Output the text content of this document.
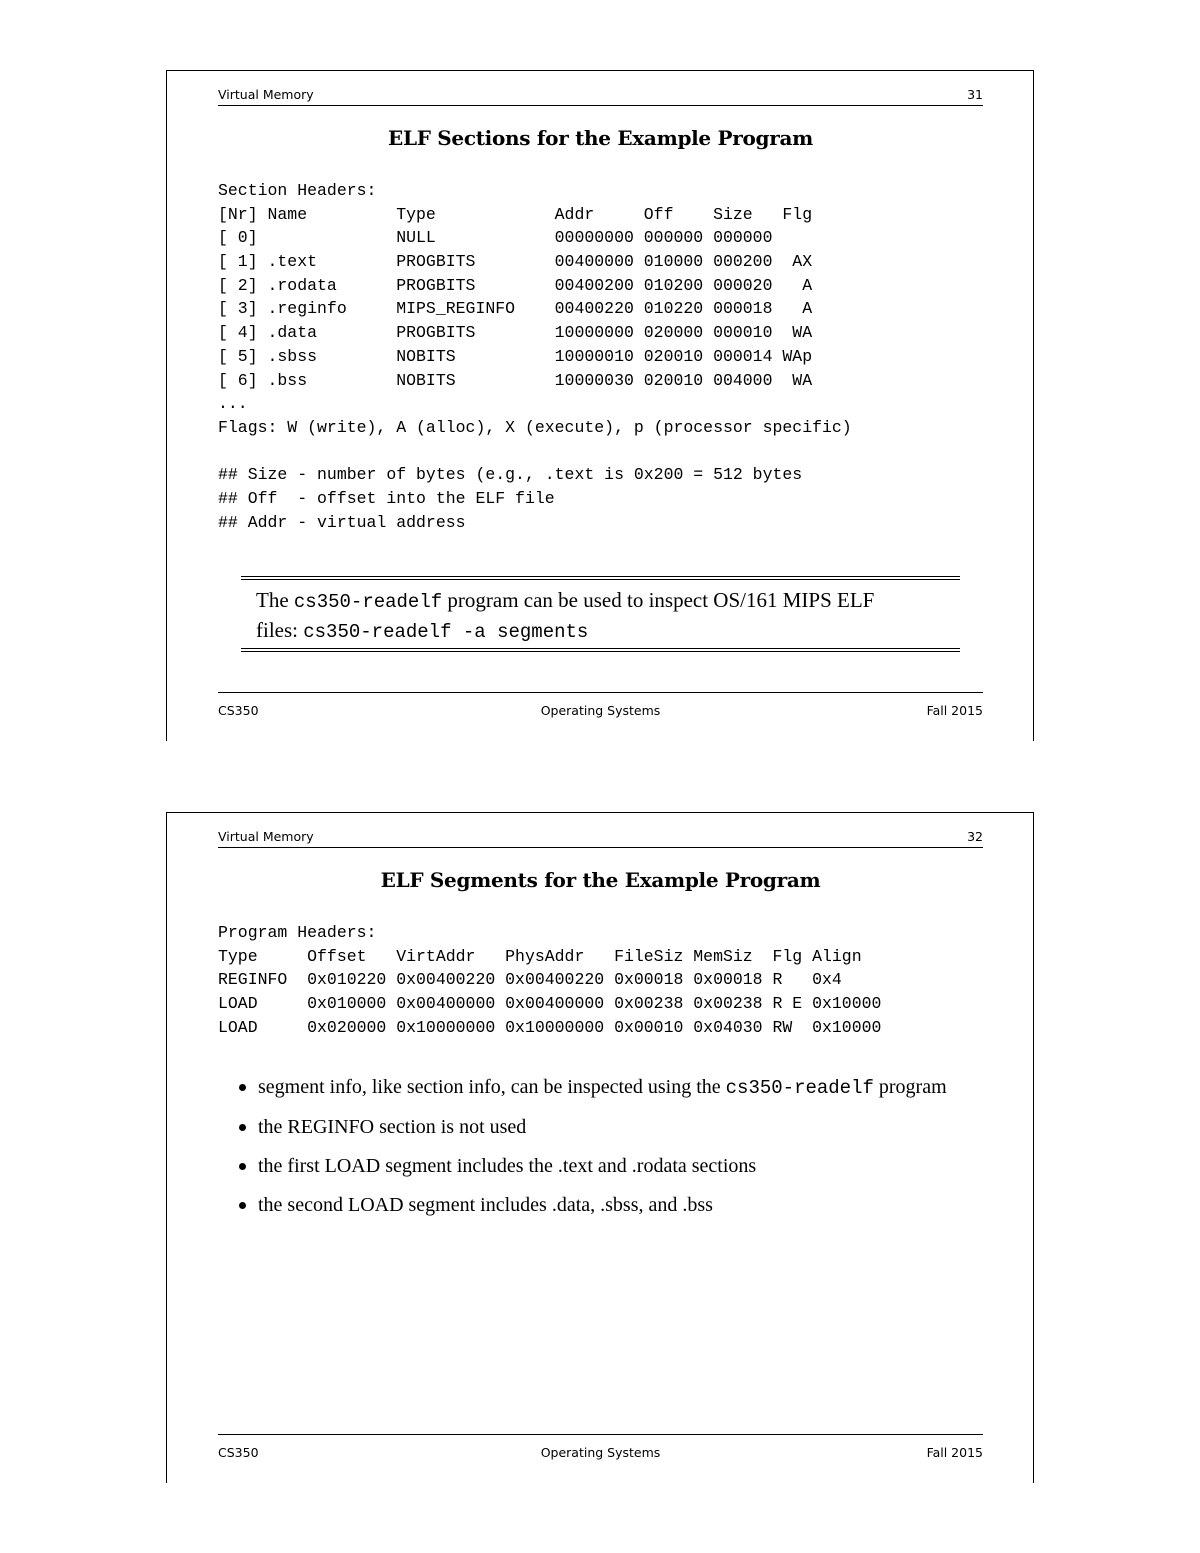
Virtual Memory	31
ELF Sections for the Example Program
Section Headers:
[Nr] Name         Type            Addr     Off    Size   Flg
[ 0]              NULL            00000000 000000 000000
[ 1] .text        PROGBITS        00400000 010000 000200  AX
[ 2] .rodata      PROGBITS        00400200 010200 000020   A
[ 3] .reginfo     MIPS_REGINFO    00400220 010220 000018   A
[ 4] .data        PROGBITS        10000000 020000 000010  WA
[ 5] .sbss        NOBITS          10000010 020010 000014 WAp
[ 6] .bss         NOBITS          10000030 020010 004000  WA
...
Flags: W (write), A (alloc), X (execute), p (processor specific)
## Size - number of bytes (e.g., .text is 0x200 = 512 bytes
## Off  - offset into the ELF file
## Addr - virtual address
The cs350-readelf program can be used to inspect OS/161 MIPS ELF
files: cs350-readelf -a segments
CS350	Operating Systems	Fall 2015
Virtual Memory	32
ELF Segments for the Example Program
Program Headers:
Type     Offset   VirtAddr   PhysAddr   FileSiz MemSiz  Flg Align
REGINFO  0x010220 0x00400220 0x00400220 0x00018 0x00018 R   0x4
LOAD     0x010000 0x00400000 0x00400000 0x00238 0x00238 R E 0x10000
LOAD     0x020000 0x10000000 0x10000000 0x00010 0x04030 RW  0x10000
segment info, like section info, can be inspected using the cs350-readelf program
the REGINFO section is not used
the first LOAD segment includes the .text and .rodata sections
the second LOAD segment includes .data, .sbss, and .bss
CS350	Operating Systems	Fall 2015
